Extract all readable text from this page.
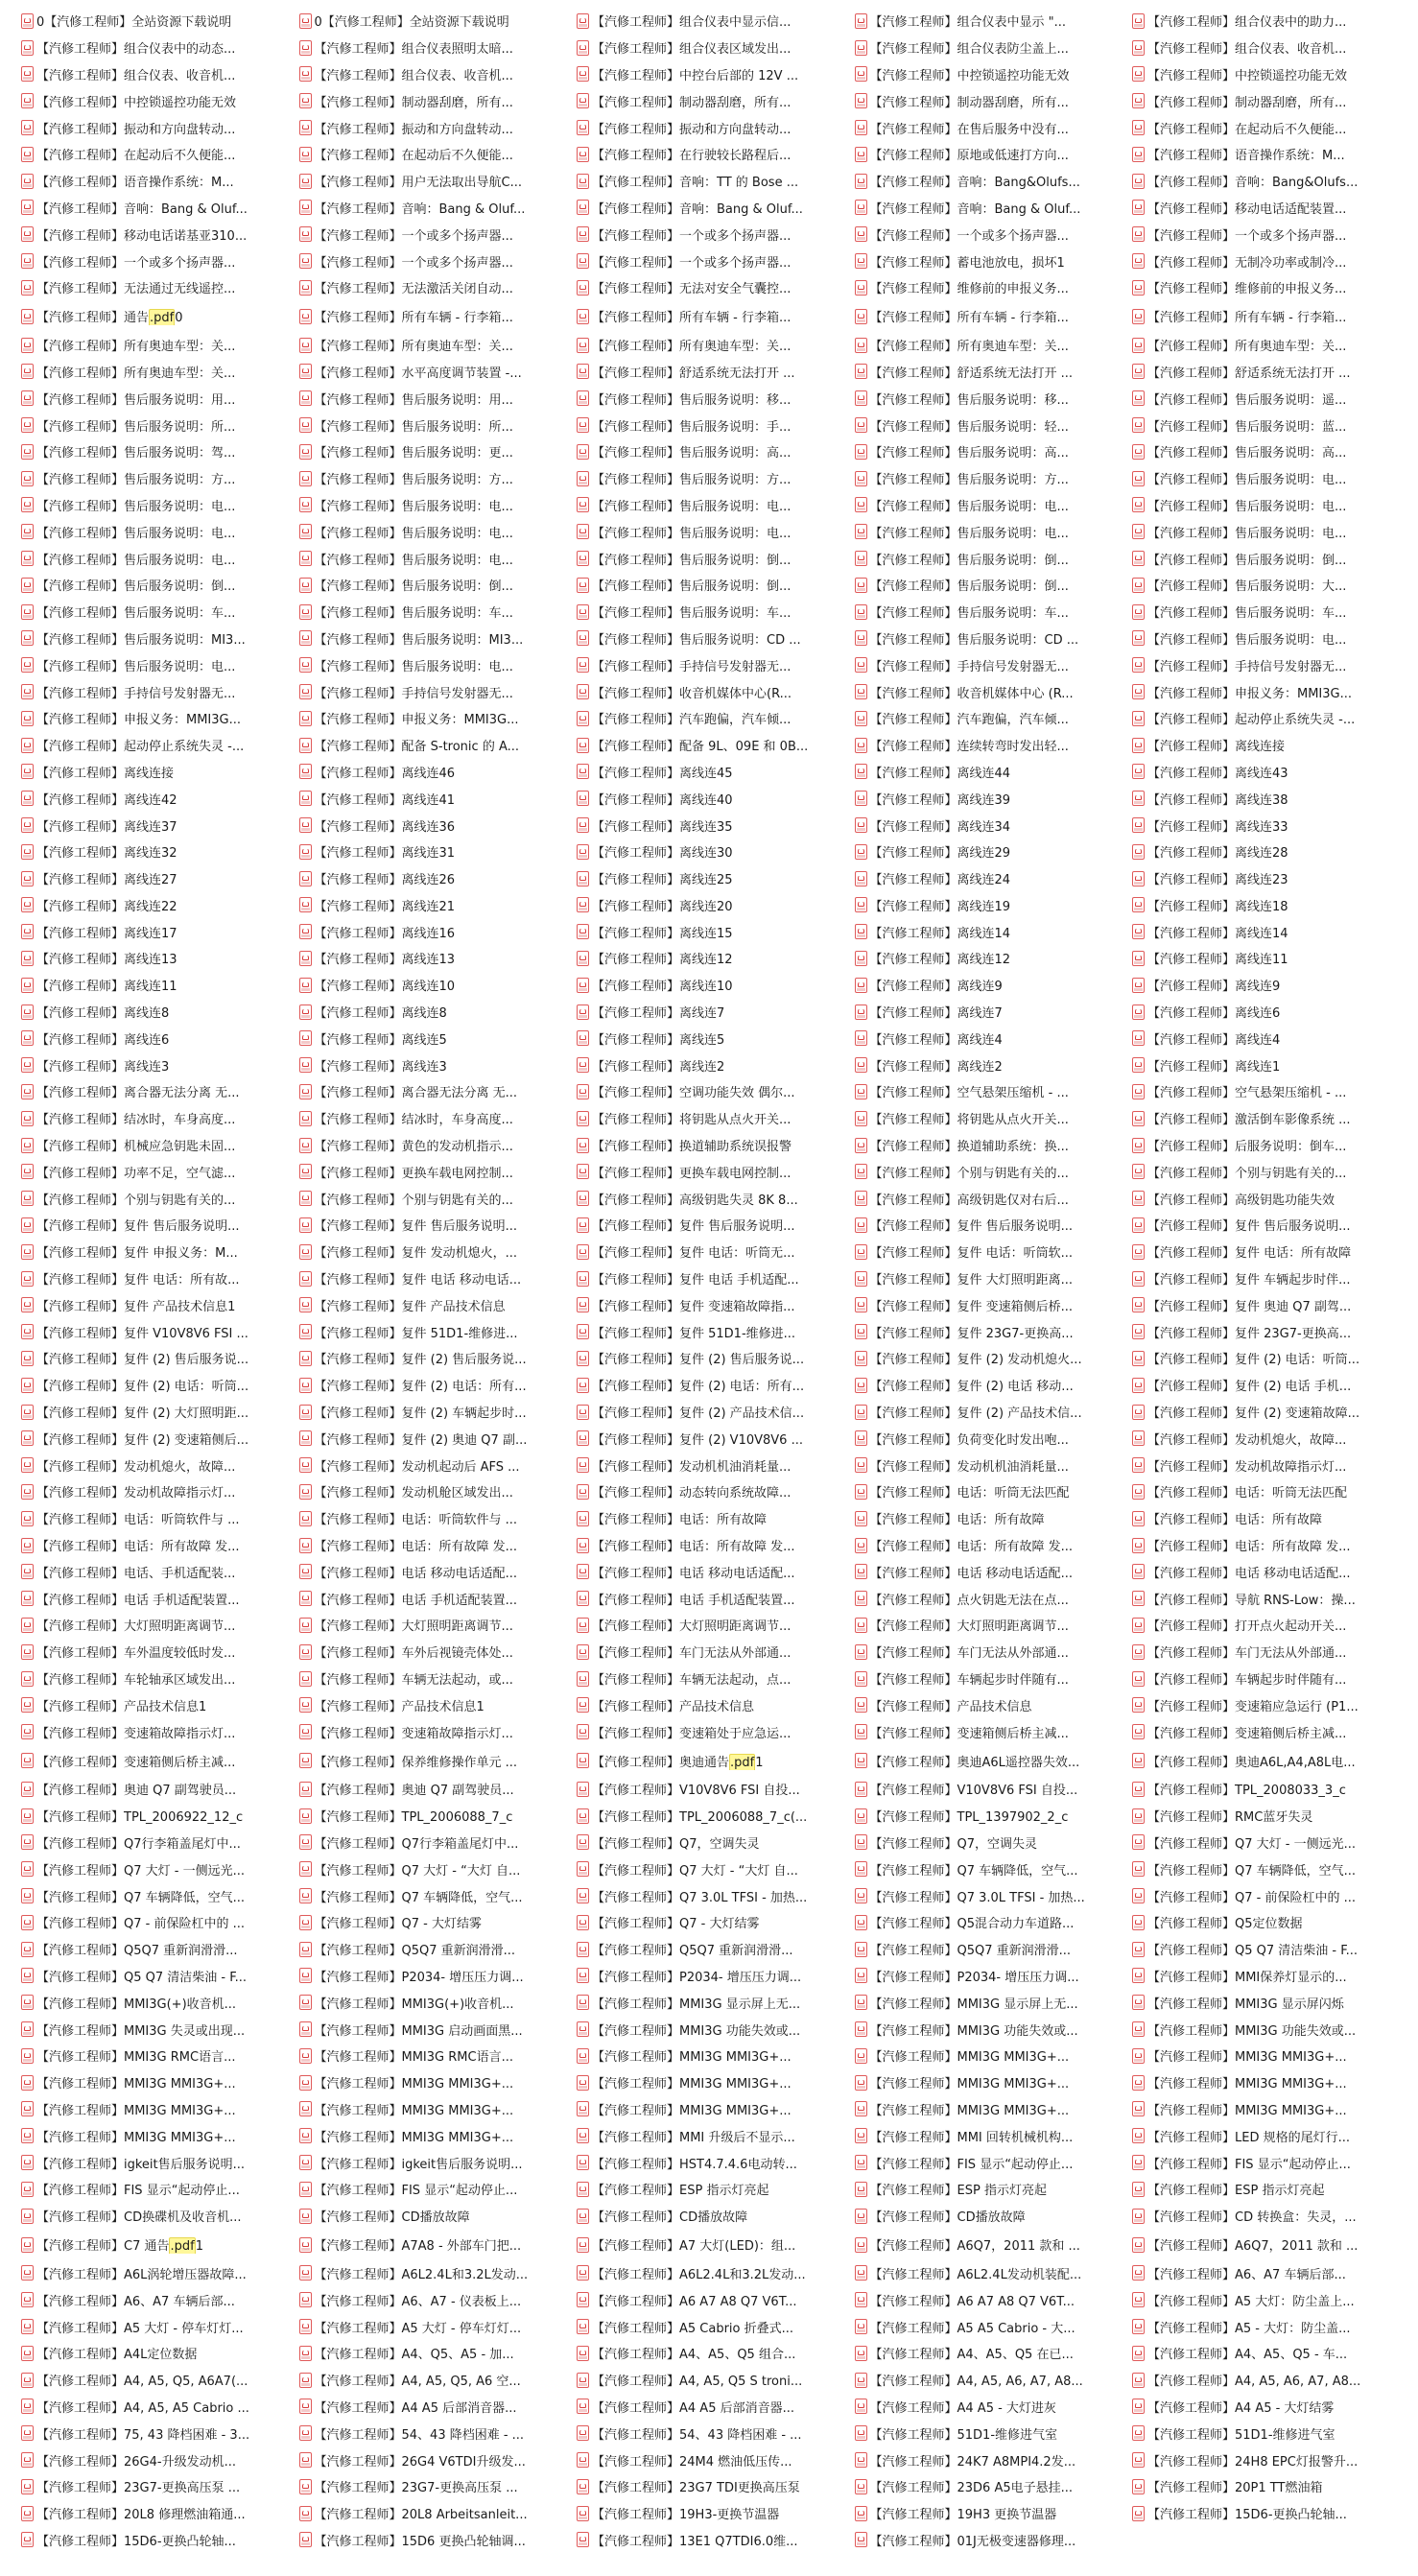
0【汽修工程师】全站资源下载说明	0【汽修工程师】全站资源下载说明	【汽修工程师】组合仪表中显示信...	【汽修工程师】组合仪表中显示 "...	【汽修工程师】组合仪表中的助力...
【汽修工程师】组合仪表中的动态...	【汽修工程师】组合仪表照明太暗...	【汽修工程师】组合仪表区域发出...	【汽修工程师】组合仪表防尘盖上...	【汽修工程师】组合仪表、收音机...
【汽修工程师】组合仪表、收音机...	【汽修工程师】组合仪表、收音机...	【汽修工程师】中控台后部的 12V ...	【汽修工程师】中控锁遥控功能无效	【汽修工程师】中控锁遥控功能无效
【汽修工程师】中控锁遥控功能无效	【汽修工程师】制动器刮磨，所有...	【汽修工程师】制动器刮磨，所有...	【汽修工程师】制动器刮磨，所有...	【汽修工程师】制动器刮磨，所有...
【汽修工程师】振动和方向盘转动...	【汽修工程师】振动和方向盘转动...	【汽修工程师】振动和方向盘转动...	【汽修工程师】在售后服务中没有...	【汽修工程师】在起动后不久便能...
【汽修工程师】在起动后不久便能...	【汽修工程师】在起动后不久便能...	【汽修工程师】在行驶较长路程后...	【汽修工程师】原地或低速打方向...	【汽修工程师】语音操作系统：M...
【汽修工程师】语音操作系统：M...	【汽修工程师】用户无法取出导航C...	【汽修工程师】音响：TT 的 Bose ...	【汽修工程师】音响：Bang&Olufs...	【汽修工程师】音响：Bang&Olufs...
【汽修工程师】音响：Bang & Oluf...	【汽修工程师】音响：Bang & Oluf...	【汽修工程师】音响：Bang & Oluf...	【汽修工程师】音响：Bang & Oluf...	【汽修工程师】移动电话适配装置...
【汽修工程师】移动电话诺基亚310...	【汽修工程师】一个或多个扬声器...	【汽修工程师】一个或多个扬声器...	【汽修工程师】一个或多个扬声器...	【汽修工程师】一个或多个扬声器...
【汽修工程师】一个或多个扬声器...	【汽修工程师】一个或多个扬声器...	【汽修工程师】一个或多个扬声器...	【汽修工程师】蓄电池放电，损坏1	【汽修工程师】无制冷功率或制冷...
【汽修工程师】无法通过无线遥控...	【汽修工程师】无法激活关闭自动...	【汽修工程师】无法对安全气囊控...	【汽修工程师】维修前的申报义务...	【汽修工程师】维修前的申报义务...
【汽修工程师】通告.pdf0	【汽修工程师】所有车辆 - 行李箱...	【汽修工程师】所有车辆 - 行李箱...	【汽修工程师】所有车辆 - 行李箱...	【汽修工程师】所有车辆 - 行李箱...
【汽修工程师】所有奥迪车型：关...	【汽修工程师】所有奥迪车型：关...	【汽修工程师】所有奥迪车型：关...	【汽修工程师】所有奥迪车型：关...	【汽修工程师】所有奥迪车型：关...
【汽修工程师】所有奥迪车型：关...	【汽修工程师】水平高度调节装置 -...	【汽修工程师】舒适系统无法打开 ...	【汽修工程师】舒适系统无法打开 ...	【汽修工程师】舒适系统无法打开 ...
【汽修工程师】售后服务说明：用...	【汽修工程师】售后服务说明：用...	【汽修工程师】售后服务说明：移...	【汽修工程师】售后服务说明：移...	【汽修工程师】售后服务说明：遥...
【汽修工程师】售后服务说明：所...	【汽修工程师】售后服务说明：所...	【汽修工程师】售后服务说明：手...	【汽修工程师】售后服务说明：轻...	【汽修工程师】售后服务说明：蓝...
【汽修工程师】售后服务说明：驾...	【汽修工程师】售后服务说明：更...	【汽修工程师】售后服务说明：高...	【汽修工程师】售后服务说明：高...	【汽修工程师】售后服务说明：高...
【汽修工程师】售后服务说明：方...	【汽修工程师】售后服务说明：方...	【汽修工程师】售后服务说明：方...	【汽修工程师】售后服务说明：方...	【汽修工程师】售后服务说明：电...
【汽修工程师】售后服务说明：电...	【汽修工程师】售后服务说明：电...	【汽修工程师】售后服务说明：电...	【汽修工程师】售后服务说明：电...	【汽修工程师】售后服务说明：电...
【汽修工程师】售后服务说明：电...	【汽修工程师】售后服务说明：电...	【汽修工程师】售后服务说明：电...	【汽修工程师】售后服务说明：电...	【汽修工程师】售后服务说明：电...
【汽修工程师】售后服务说明：电...	【汽修工程师】售后服务说明：电...	【汽修工程师】售后服务说明：倒...	【汽修工程师】售后服务说明：倒...	【汽修工程师】售后服务说明：倒...
【汽修工程师】售后服务说明：倒...	【汽修工程师】售后服务说明：倒...	【汽修工程师】售后服务说明：倒...	【汽修工程师】售后服务说明：倒...	【汽修工程师】售后服务说明：大...
【汽修工程师】售后服务说明：车...	【汽修工程师】售后服务说明：车...	【汽修工程师】售后服务说明：车...	【汽修工程师】售后服务说明：车...	【汽修工程师】售后服务说明：车...
【汽修工程师】售后服务说明：MI3...	【汽修工程师】售后服务说明：MI3...	【汽修工程师】售后服务说明：CD ...	【汽修工程师】售后服务说明：CD ...	【汽修工程师】售后服务说明：电...
【汽修工程师】售后服务说明：电...	【汽修工程师】售后服务说明：电...	【汽修工程师】手持信号发射器无...	【汽修工程师】手持信号发射器无...	【汽修工程师】手持信号发射器无...
【汽修工程师】手持信号发射器无...	【汽修工程师】手持信号发射器无...	【汽修工程师】收音机媒体中心(R...	【汽修工程师】收音机媒体中心 (R...	【汽修工程师】申报义务：MMI3G...
【汽修工程师】申报义务：MMI3G...	【汽修工程师】申报义务：MMI3G...	【汽修工程师】汽车跑偏，汽车倾...	【汽修工程师】汽车跑偏，汽车倾...	【汽修工程师】起动停止系统失灵 -...
【汽修工程师】起动停止系统失灵 -...	【汽修工程师】配备 S-tronic 的 A...	【汽修工程师】配备 9L、09E 和 0B...	【汽修工程师】连续转弯时发出轻...	【汽修工程师】离线连接
【汽修工程师】离线连接	【汽修工程师】离线连46	【汽修工程师】离线连45	【汽修工程师】离线连44	【汽修工程师】离线连43
【汽修工程师】离线连42	【汽修工程师】离线连41	【汽修工程师】离线连40	【汽修工程师】离线连39	【汽修工程师】离线连38
【汽修工程师】离线连37	【汽修工程师】离线连36	【汽修工程师】离线连35	【汽修工程师】离线连34	【汽修工程师】离线连33
【汽修工程师】离线连32	【汽修工程师】离线连31	【汽修工程师】离线连30	【汽修工程师】离线连29	【汽修工程师】离线连28
【汽修工程师】离线连27	【汽修工程师】离线连26	【汽修工程师】离线连25	【汽修工程师】离线连24	【汽修工程师】离线连23
【汽修工程师】离线连22	【汽修工程师】离线连21	【汽修工程师】离线连20	【汽修工程师】离线连19	【汽修工程师】离线连18
【汽修工程师】离线连17	【汽修工程师】离线连16	【汽修工程师】离线连15	【汽修工程师】离线连14	【汽修工程师】离线连14
【汽修工程师】离线连13	【汽修工程师】离线连13	【汽修工程师】离线连12	【汽修工程师】离线连12	【汽修工程师】离线连11
【汽修工程师】离线连11	【汽修工程师】离线连10	【汽修工程师】离线连10	【汽修工程师】离线连9	【汽修工程师】离线连9
【汽修工程师】离线连8	【汽修工程师】离线连8	【汽修工程师】离线连7	【汽修工程师】离线连7	【汽修工程师】离线连6
【汽修工程师】离线连6	【汽修工程师】离线连5	【汽修工程师】离线连5	【汽修工程师】离线连4	【汽修工程师】离线连4
【汽修工程师】离线连3	【汽修工程师】离线连3	【汽修工程师】离线连2	【汽修工程师】离线连2	【汽修工程师】离线连1
【汽修工程师】离合器无法分离 无...	【汽修工程师】离合器无法分离 无...	【汽修工程师】空调功能失效 偶尔...	【汽修工程师】空气悬架压缩机 - ...	【汽修工程师】空气悬架压缩机 - ...
【汽修工程师】结冰时，车身高度...	【汽修工程师】结冰时，车身高度...	【汽修工程师】将钥匙从点火开关...	【汽修工程师】将钥匙从点火开关...	【汽修工程师】激活倒车影像系统 ...
【汽修工程师】机械应急钥匙未固...	【汽修工程师】黄色的发动机指示...	【汽修工程师】换道辅助系统误报警	【汽修工程师】换道辅助系统：换...	【汽修工程师】后服务说明：倒车...
【汽修工程师】功率不足，空气滤...	【汽修工程师】更换车载电网控制...	【汽修工程师】更换车载电网控制...	【汽修工程师】个别与钥匙有关的...	【汽修工程师】个别与钥匙有关的...
【汽修工程师】个别与钥匙有关的...	【汽修工程师】个别与钥匙有关的...	【汽修工程师】高级钥匙失灵 8K 8...	【汽修工程师】高级钥匙仅对右后...	【汽修工程师】高级钥匙功能失效
【汽修工程师】复件 售后服务说明...	【汽修工程师】复件 售后服务说明...	【汽修工程师】复件 售后服务说明...	【汽修工程师】复件 售后服务说明...	【汽修工程师】复件 售后服务说明...
【汽修工程师】复件 申报义务：M...	【汽修工程师】复件 发动机熄火，...	【汽修工程师】复件 电话：听筒无...	【汽修工程师】复件 电话：听筒软...	【汽修工程师】复件 电话：所有故障
【汽修工程师】复件 电话：所有故...	【汽修工程师】复件 电话 移动电话...	【汽修工程师】复件 电话 手机适配...	【汽修工程师】复件 大灯照明距离...	【汽修工程师】复件 车辆起步时伴...
【汽修工程师】复件 产品技术信息1	【汽修工程师】复件 产品技术信息	【汽修工程师】复件 变速箱故障指...	【汽修工程师】复件 变速箱侧后桥...	【汽修工程师】复件 奥迪 Q7 副驾...
【汽修工程师】复件 V10V8V6 FSI ...	【汽修工程师】复件 51D1-维修进...	【汽修工程师】复件 51D1-维修进...	【汽修工程师】复件 23G7-更换高...	【汽修工程师】复件 23G7-更换高...
【汽修工程师】复件 (2) 售后服务说...	【汽修工程师】复件 (2) 售后服务说...	【汽修工程师】复件 (2) 售后服务说...	【汽修工程师】复件 (2) 发动机熄火...	【汽修工程师】复件 (2) 电话：听筒...
【汽修工程师】复件 (2) 电话：听筒...	【汽修工程师】复件 (2) 电话：所有...	【汽修工程师】复件 (2) 电话：所有...	【汽修工程师】复件 (2) 电话 移动...	【汽修工程师】复件 (2) 电话 手机...
【汽修工程师】复件 (2) 大灯照明距...	【汽修工程师】复件 (2) 车辆起步时...	【汽修工程师】复件 (2) 产品技术信...	【汽修工程师】复件 (2) 产品技术信...	【汽修工程师】复件 (2) 变速箱故障...
【汽修工程师】复件 (2) 变速箱侧后...	【汽修工程师】复件 (2) 奥迪 Q7 副...	【汽修工程师】复件 (2) V10V8V6 ...	【汽修工程师】负荷变化时发出咆...	【汽修工程师】发动机熄火，故障...
【汽修工程师】发动机熄火，故障...	【汽修工程师】发动机起动后 AFS ...	【汽修工程师】发动机机油消耗量...	【汽修工程师】发动机机油消耗量...	【汽修工程师】发动机故障指示灯...
【汽修工程师】发动机故障指示灯...	【汽修工程师】发动机舱区域发出...	【汽修工程师】动态转向系统故障...	【汽修工程师】电话：听筒无法匹配	【汽修工程师】电话：听筒无法匹配
【汽修工程师】电话：听筒软件与 ...	【汽修工程师】电话：听筒软件与 ...	【汽修工程师】电话：所有故障	【汽修工程师】电话：所有故障	【汽修工程师】电话：所有故障
【汽修工程师】电话：所有故障 发...	【汽修工程师】电话：所有故障 发...	【汽修工程师】电话：所有故障 发...	【汽修工程师】电话：所有故障 发...	【汽修工程师】电话：所有故障 发...
【汽修工程师】电话、手机适配装...	【汽修工程师】电话 移动电话适配...	【汽修工程师】电话 移动电话适配...	【汽修工程师】电话 移动电话适配...	【汽修工程师】电话 移动电话适配...
【汽修工程师】电话 手机适配装置...	【汽修工程师】电话 手机适配装置...	【汽修工程师】电话 手机适配装置...	【汽修工程师】点火钥匙无法在点...	【汽修工程师】导航 RNS-Low：操...
【汽修工程师】大灯照明距离调节...	【汽修工程师】大灯照明距离调节...	【汽修工程师】大灯照明距离调节...	【汽修工程师】大灯照明距离调节...	【汽修工程师】打开点火起动开关...
【汽修工程师】车外温度较低时发...	【汽修工程师】车外后视镜壳体处...	【汽修工程师】车门无法从外部通...	【汽修工程师】车门无法从外部通...	【汽修工程师】车门无法从外部通...
【汽修工程师】车轮轴承区域发出...	【汽修工程师】车辆无法起动，或...	【汽修工程师】车辆无法起动，点...	【汽修工程师】车辆起步时伴随有...	【汽修工程师】车辆起步时伴随有...
【汽修工程师】产品技术信息1	【汽修工程师】产品技术信息1	【汽修工程师】产品技术信息	【汽修工程师】产品技术信息	【汽修工程师】变速箱应急运行 (P1...
【汽修工程师】变速箱故障指示灯...	【汽修工程师】变速箱故障指示灯...	【汽修工程师】变速箱处于应急运...	【汽修工程师】变速箱侧后桥主减...	【汽修工程师】变速箱侧后桥主减...
【汽修工程师】变速箱侧后桥主减...	【汽修工程师】保养维修操作单元 ...	【汽修工程师】奥迪通告.pdf1	【汽修工程师】奥迪A6L遥控器失效...	【汽修工程师】奥迪A6L,A4,A8L电...
【汽修工程师】奥迪 Q7 副驾驶员...	【汽修工程师】奥迪 Q7 副驾驶员...	【汽修工程师】V10V8V6 FSI 自投...	【汽修工程师】V10V8V6 FSI 自投...	【汽修工程师】TPL_2008033_3_c
【汽修工程师】TPL_2006922_12_c	【汽修工程师】TPL_2006088_7_c	【汽修工程师】TPL_2006088_7_c(...	【汽修工程师】TPL_1397902_2_c	【汽修工程师】RMC蓝牙失灵
【汽修工程师】Q7行李箱盖尾灯中...	【汽修工程师】Q7行李箱盖尾灯中...	【汽修工程师】Q7，空调失灵	【汽修工程师】Q7，空调失灵	【汽修工程师】Q7 大灯 - 一侧远光...
【汽修工程师】Q7 大灯 - 一侧远光...	【汽修工程师】Q7 大灯 - “大灯 自...	【汽修工程师】Q7 大灯 - “大灯 自...	【汽修工程师】Q7 车辆降低，空气...	【汽修工程师】Q7 车辆降低，空气...
【汽修工程师】Q7 车辆降低，空气...	【汽修工程师】Q7 车辆降低，空气...	【汽修工程师】Q7 3.0L TFSI - 加热...	【汽修工程师】Q7 3.0L TFSI - 加热...	【汽修工程师】Q7 - 前保险杠中的 ...
【汽修工程师】Q7 - 前保险杠中的 ...	【汽修工程师】Q7 - 大灯结雾	【汽修工程师】Q7 - 大灯结雾	【汽修工程师】Q5混合动力车道路...	【汽修工程师】Q5定位数据
【汽修工程师】Q5Q7 重新润滑滑...	【汽修工程师】Q5Q7 重新润滑滑...	【汽修工程师】Q5Q7 重新润滑滑...	【汽修工程师】Q5Q7 重新润滑滑...	【汽修工程师】Q5 Q7 清洁柴油 - F...
【汽修工程师】Q5 Q7 清洁柴油 - F...	【汽修工程师】P2034- 增压压力调...	【汽修工程师】P2034- 增压压力调...	【汽修工程师】P2034- 增压压力调...	【汽修工程师】MMI保养灯显示的...
【汽修工程师】MMI3G(+)收音机...	【汽修工程师】MMI3G(+)收音机...	【汽修工程师】MMI3G 显示屏上无...	【汽修工程师】MMI3G 显示屏上无...	【汽修工程师】MMI3G 显示屏闪烁
【汽修工程师】MMI3G 失灵或出现...	【汽修工程师】MMI3G 启动画面黑...	【汽修工程师】MMI3G 功能失效或...	【汽修工程师】MMI3G 功能失效或...	【汽修工程师】MMI3G 功能失效或...
【汽修工程师】MMI3G RMC语言...	【汽修工程师】MMI3G RMC语言...	【汽修工程师】MMI3G MMI3G+...	【汽修工程师】MMI3G MMI3G+...	【汽修工程师】MMI3G MMI3G+...
【汽修工程师】MMI3G MMI3G+...	【汽修工程师】MMI3G MMI3G+...	【汽修工程师】MMI3G MMI3G+...	【汽修工程师】MMI3G MMI3G+...	【汽修工程师】MMI3G MMI3G+...
【汽修工程师】MMI3G MMI3G+...	【汽修工程师】MMI3G MMI3G+...	【汽修工程师】MMI3G MMI3G+...	【汽修工程师】MMI3G MMI3G+...	【汽修工程师】MMI3G MMI3G+...
【汽修工程师】MMI3G MMI3G+...	【汽修工程师】MMI3G MMI3G+...	【汽修工程师】MMI 升级后不显示...	【汽修工程师】MMI 回转机械机构...	【汽修工程师】LED 规格的尾灯行...
【汽修工程师】igkeit售后服务说明...	【汽修工程师】igkeit售后服务说明...	【汽修工程师】HST4.7.4.6电动转...	【汽修工程师】FIS 显示“起动停止...	【汽修工程师】FIS 显示“起动停止...
【汽修工程师】FIS 显示“起动停止...	【汽修工程师】FIS 显示“起动停止...	【汽修工程师】ESP 指示灯亮起	【汽修工程师】ESP 指示灯亮起	【汽修工程师】ESP 指示灯亮起
【汽修工程师】CD换碟机及收音机...	【汽修工程师】CD播放故障	【汽修工程师】CD播放故障	【汽修工程师】CD播放故障	【汽修工程师】CD 转换盒：失灵，...
【汽修工程师】C7 通告.pdf1	【汽修工程师】A7A8 - 外部车门把...	【汽修工程师】A7 大灯(LED)：组...	【汽修工程师】A6Q7，2011 款和 ...	【汽修工程师】A6Q7，2011 款和 ...
【汽修工程师】A6L涡轮增压器故障...	【汽修工程师】A6L2.4L和3.2L发动...	【汽修工程师】A6L2.4L和3.2L发动...	【汽修工程师】A6L2.4L发动机装配...	【汽修工程师】A6、A7 车辆后部...
【汽修工程师】A6、A7 车辆后部...	【汽修工程师】A6、A7 - 仪表板上...	【汽修工程师】A6 A7 A8 Q7 V6T...	【汽修工程师】A6 A7 A8 Q7 V6T...	【汽修工程师】A5 大灯：防尘盖上...
【汽修工程师】A5 大灯 - 停车灯灯...	【汽修工程师】A5 大灯 - 停车灯灯...	【汽修工程师】A5 Cabrio 折叠式...	【汽修工程师】A5 A5 Cabrio - 大...	【汽修工程师】A5 - 大灯：防尘盖...
【汽修工程师】A4L定位数据	【汽修工程师】A4、Q5、A5 - 加...	【汽修工程师】A4、A5、Q5 组合...	【汽修工程师】A4、A5、Q5 在已...	【汽修工程师】A4、A5、Q5 - 车...
【汽修工程师】A4, A5, Q5, A6A7(...	【汽修工程师】A4, A5, Q5, A6 空...	【汽修工程师】A4, A5, Q5 S troni...	【汽修工程师】A4, A5, A6, A7, A8...	【汽修工程师】A4, A5, A6, A7, A8...
【汽修工程师】A4, A5, A5 Cabrio ...	【汽修工程师】A4 A5 后部消音器...	【汽修工程师】A4 A5 后部消音器...	【汽修工程师】A4 A5 - 大灯进灰	【汽修工程师】A4 A5 - 大灯结雾
【汽修工程师】75, 43 降档困难 - 3...	【汽修工程师】54、43 降档困难 - ...	【汽修工程师】54、43 降档困难 - ...	【汽修工程师】51D1-维修进气室	【汽修工程师】51D1-维修进气室
【汽修工程师】26G4-升级发动机...	【汽修工程师】26G4 V6TDI升级发...	【汽修工程师】24M4 燃油低压传...	【汽修工程师】24K7 A8MPI4.2发...	【汽修工程师】24H8 EPC灯报警升...
【汽修工程师】23G7-更换高压泵 ...	【汽修工程师】23G7-更换高压泵 ...	【汽修工程师】23G7 TDI更换高压泵	【汽修工程师】23D6 A5电子悬挂...	【汽修工程师】20P1 TT燃油箱
【汽修工程师】20L8 修理燃油箱通...	【汽修工程师】20L8 Arbeitsanleit...	【汽修工程师】19H3-更换节温器	【汽修工程师】19H3 更换节温器	【汽修工程师】15D6-更换凸轮轴...
【汽修工程师】15D6-更换凸轮轴...	【汽修工程师】15D6 更换凸轮轴调...	【汽修工程师】13E1 Q7TDI6.0维...	【汽修工程师】01J无极变速器修理...
